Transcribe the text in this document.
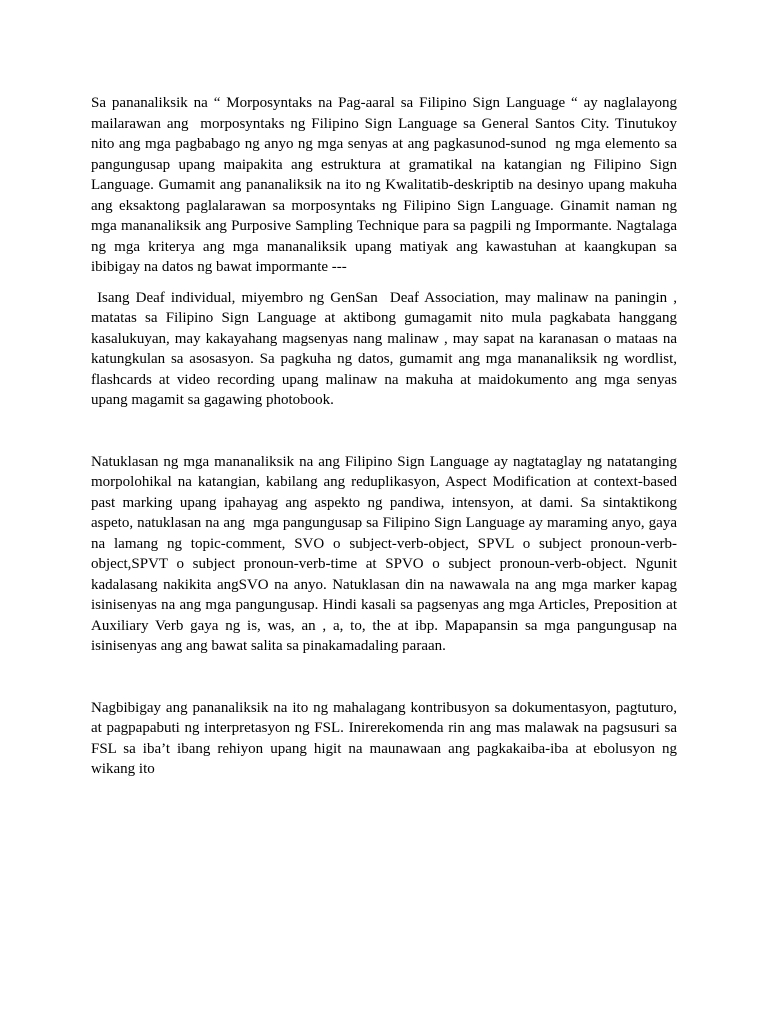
Sa pananaliksik na “ Morposyntaks na Pag-aaral sa Filipino Sign Language “ ay naglalayong mailarawan ang  morposyntaks ng Filipino Sign Language sa General Santos City. Tinutukoy nito ang mga pagbabago ng anyo ng mga senyas at ang pagkasunod-sunod  ng mga elemento sa pangungusap upang maipakita ang estruktura at gramatikal na katangian ng Filipino Sign Language. Gumamit ang pananaliksik na ito ng Kwalitatib-deskriptib na desinyo upang makuha ang eksaktong paglalarawan sa morposyntaks ng Filipino Sign Language. Ginamit naman ng mga mananaliksik ang Purposive Sampling Technique para sa pagpili ng Impormante. Nagtalaga ng mga kriterya ang mga mananaliksik upang matiyak ang kawastuhan at kaangkupan sa ibibigay na datos ng bawat impormante ---

Isang Deaf individual, miyembro ng GenSan  Deaf Association, may malinaw na paningin , matatas sa Filipino Sign Language at aktibong gumagamit nito mula pagkabata hanggang kasalukuyan, may kakayahang magsenyas nang malinaw , may sapat na karanasan o mataas na katungkulan sa asosasyon. Sa pagkuha ng datos, gumamit ang mga mananaliksik ng wordlist, flashcards at video recording upang malinaw na makuha at maidokumento ang mga senyas upang magamit sa gagawing photobook.

Natuklasan ng mga mananaliksik na ang Filipino Sign Language ay nagtataglay ng natatanging morpolohikal na katangian, kabilang ang reduplikasyon, Aspect Modification at context-based past marking upang ipahayag ang aspekto ng pandiwa, intensyon, at dami. Sa sintaktikong aspeto, natuklasan na ang  mga pangungusap sa Filipino Sign Language ay maraming anyo, gaya na lamang ng topic-comment, SVO o subject-verb-object, SPVL o subject pronoun-verb-object,SPVT o subject pronoun-verb-time at SPVO o subject pronoun-verb-object. Ngunit kadalasang nakikita angSVO na anyo. Natuklasan din na nawawala na ang mga marker kapag isinisenyas na ang mga pangungusap. Hindi kasali sa pagsenyas ang mga Articles, Preposition at Auxiliary Verb gaya ng is, was, an , a, to, the at ibp. Mapapansin sa mga pangungusap na isinisenyas ang ang bawat salita sa pinakamadaling paraan.

Nagbibigay ang pananaliksik na ito ng mahalagang kontribusyon sa dokumentasyon, pagtuturo, at pagpapabuti ng interpretasyon ng FSL. Inirerekomenda rin ang mas malawak na pagsusuri sa FSL sa iba’t ibang rehiyon upang higit na maunawaan ang pagkakaiba-iba at ebolusyon ng wikang ito
